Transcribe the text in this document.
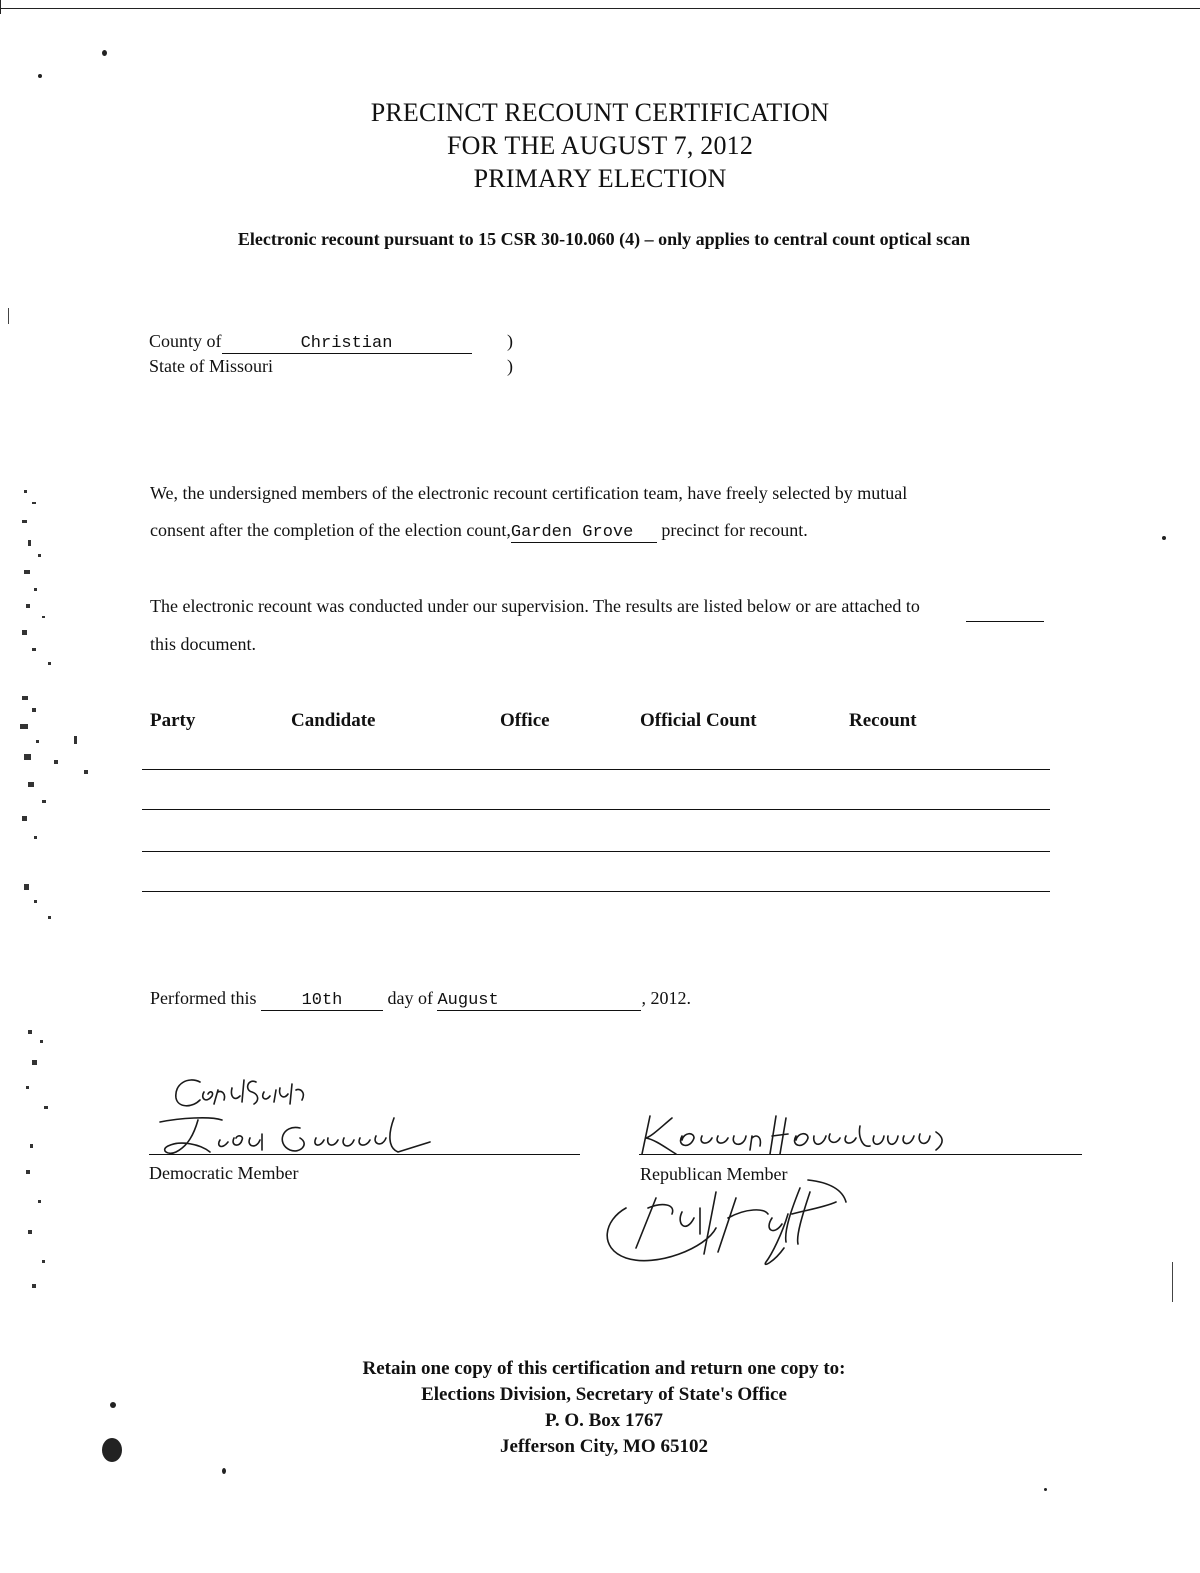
PRECINCT RECOUNT CERTIFICATION
FOR THE AUGUST 7, 2012
PRIMARY ELECTION
Electronic recount pursuant to 15 CSR 30-10.060 (4) – only applies to central count optical scan
County of	Christian	)
State of Missouri	)
We, the undersigned members of the electronic recount certification team, have freely selected by mutual
consent after the completion of the election count,Garden Grove precinct for recount.
The electronic recount was conducted under our supervision. The results are listed below or are attached to
this document.
Party	Candidate	Office	Official Count	Recount
Performed this	10th	day of August	, 2012.
Democratic Member	Republican Member
Retain one copy of this certification and return one copy to:
Elections Division, Secretary of State's Office
P. O. Box 1767
Jefferson City, MO 65102
